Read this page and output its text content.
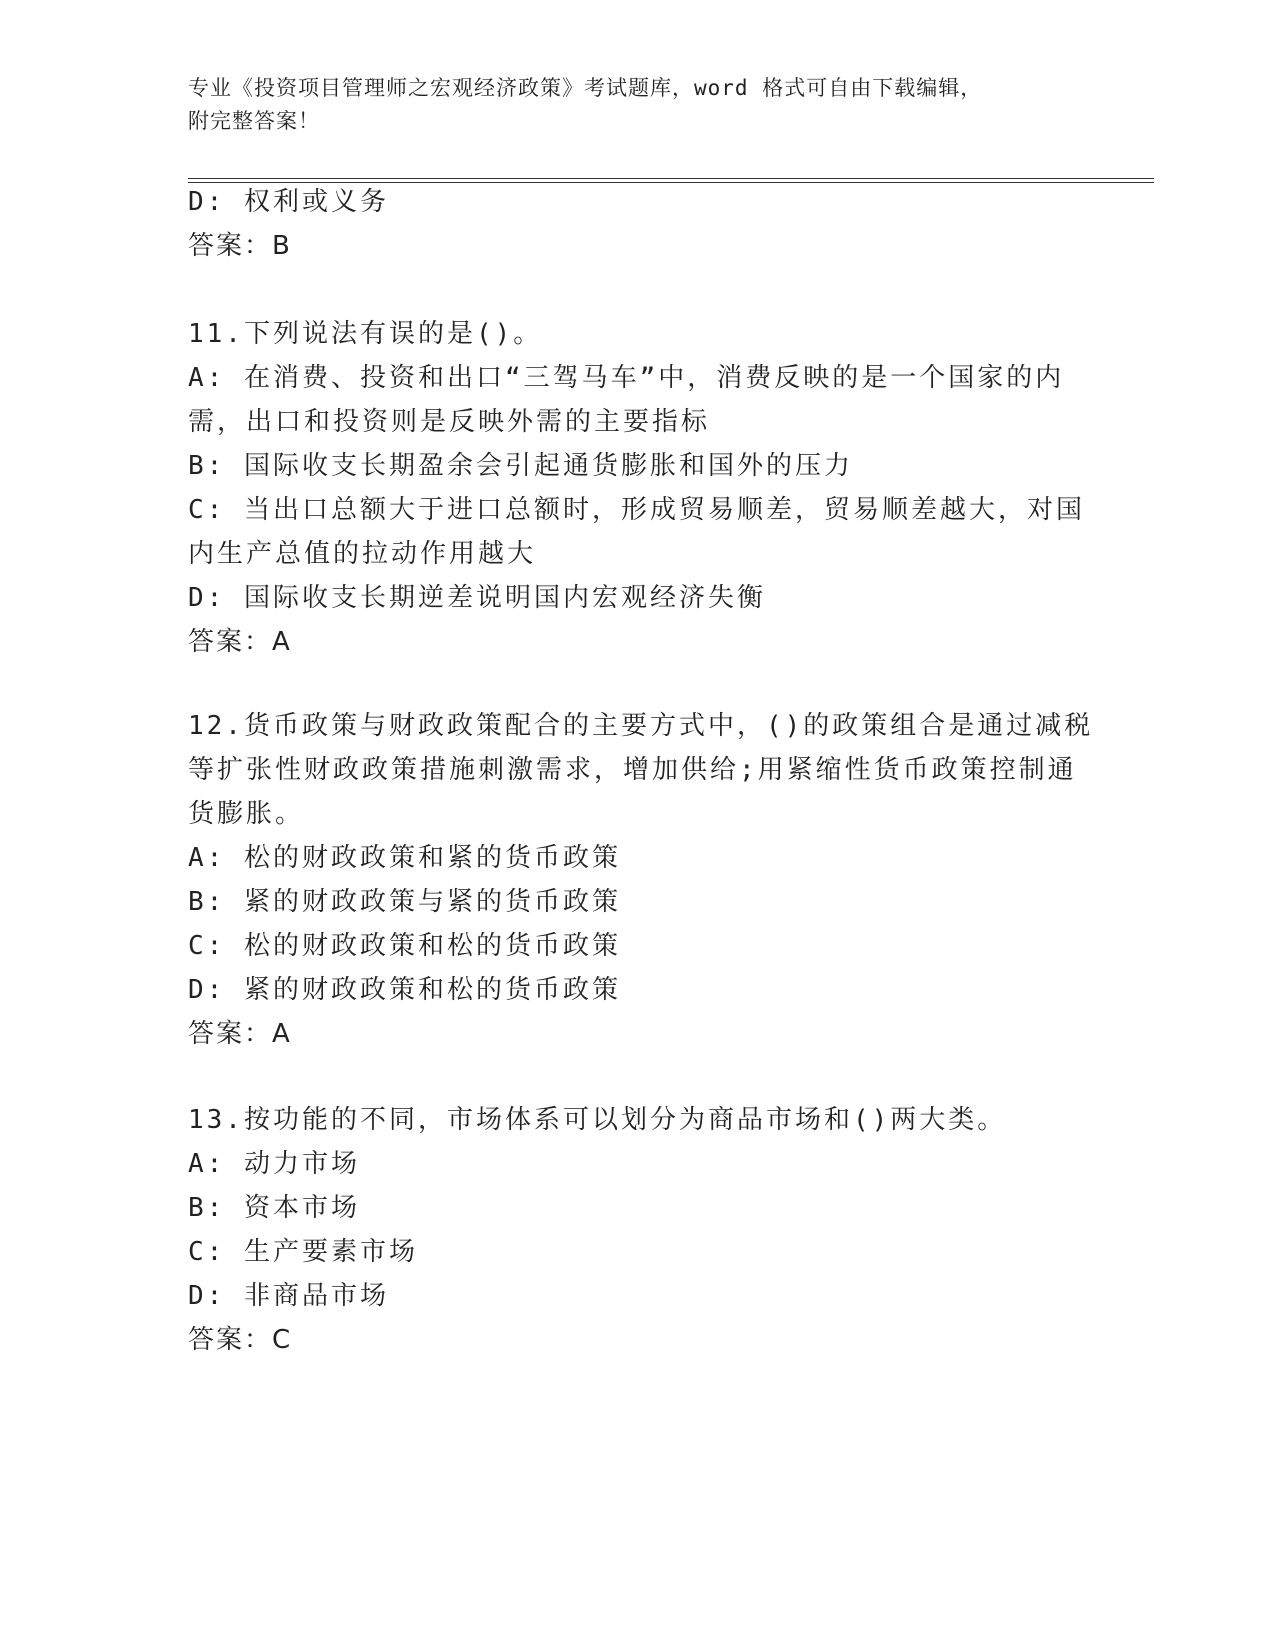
专业《投资项目管理师之宏观经济政策》考试题库，word 格式可自由下载编辑，
附完整答案！
D: 权利或义务
答案：B
11.下列说法有误的是()。
A: 在消费、投资和出口“三驾马车”中，消费反映的是一个国家的内
需，出口和投资则是反映外需的主要指标
B: 国际收支长期盈余会引起通货膨胀和国外的压力
C: 当出口总额大于进口总额时，形成贸易顺差，贸易顺差越大，对国
内生产总值的拉动作用越大
D: 国际收支长期逆差说明国内宏观经济失衡
答案：A
12.货币政策与财政政策配合的主要方式中，()的政策组合是通过减税
等扩张性财政政策措施刺激需求，增加供给;用紧缩性货币政策控制通
货膨胀。
A: 松的财政政策和紧的货币政策
B: 紧的财政政策与紧的货币政策
C: 松的财政政策和松的货币政策
D: 紧的财政政策和松的货币政策
答案：A
13.按功能的不同，市场体系可以划分为商品市场和()两大类。
A: 动力市场
B: 资本市场
C: 生产要素市场
D: 非商品市场
答案：C
